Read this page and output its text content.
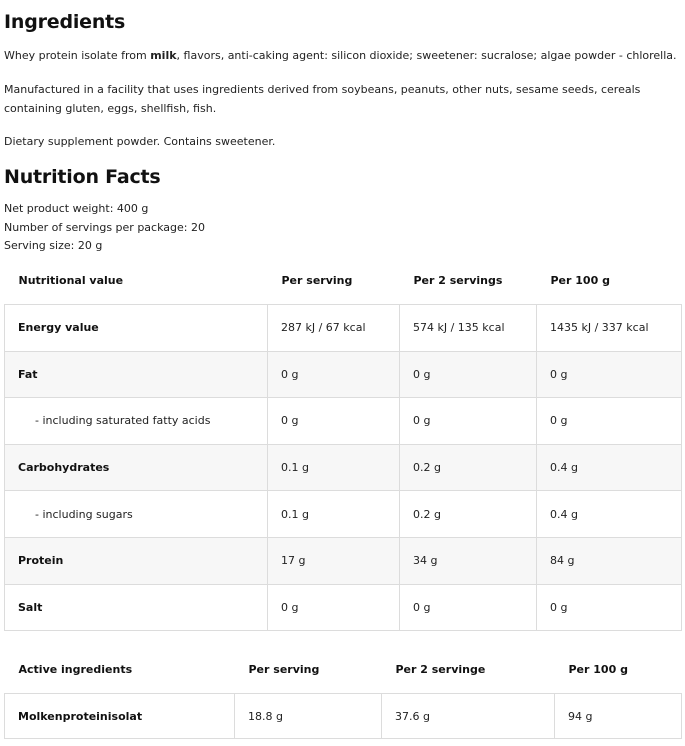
Ingredients

Whey protein isolate from milk, flavors, anti-caking agent: silicon dioxide; sweetener: sucralose; algae powder - chlorella.

Manufactured in a facility that uses ingredients derived from soybeans, peanuts, other nuts, sesame seeds, cereals containing gluten, eggs, shellfish, fish.

Dietary supplement powder. Contains sweetener.

Nutrition Facts
Net product weight: 400 g
Number of servings per package: 20
Serving size: 20 g
Nutritional value	Per serving	Per 2 servings	Per 100 g
Energy value	287 kJ / 67 kcal	574 kJ / 135 kcal	1435 kJ / 337 kcal
Fat	0 g	0 g	0 g
- including saturated fatty acids	0 g	0 g	0 g
Carbohydrates	0.1 g	0.2 g	0.4 g
- including sugars	0.1 g	0.2 g	0.4 g
Protein	17 g	34 g	84 g
Salt	0 g	0 g	0 g
Active ingredients	Per serving	Per 2 servinge	Per 100 g
Molkenproteinisolat	18.8 g	37.6 g	94 g
